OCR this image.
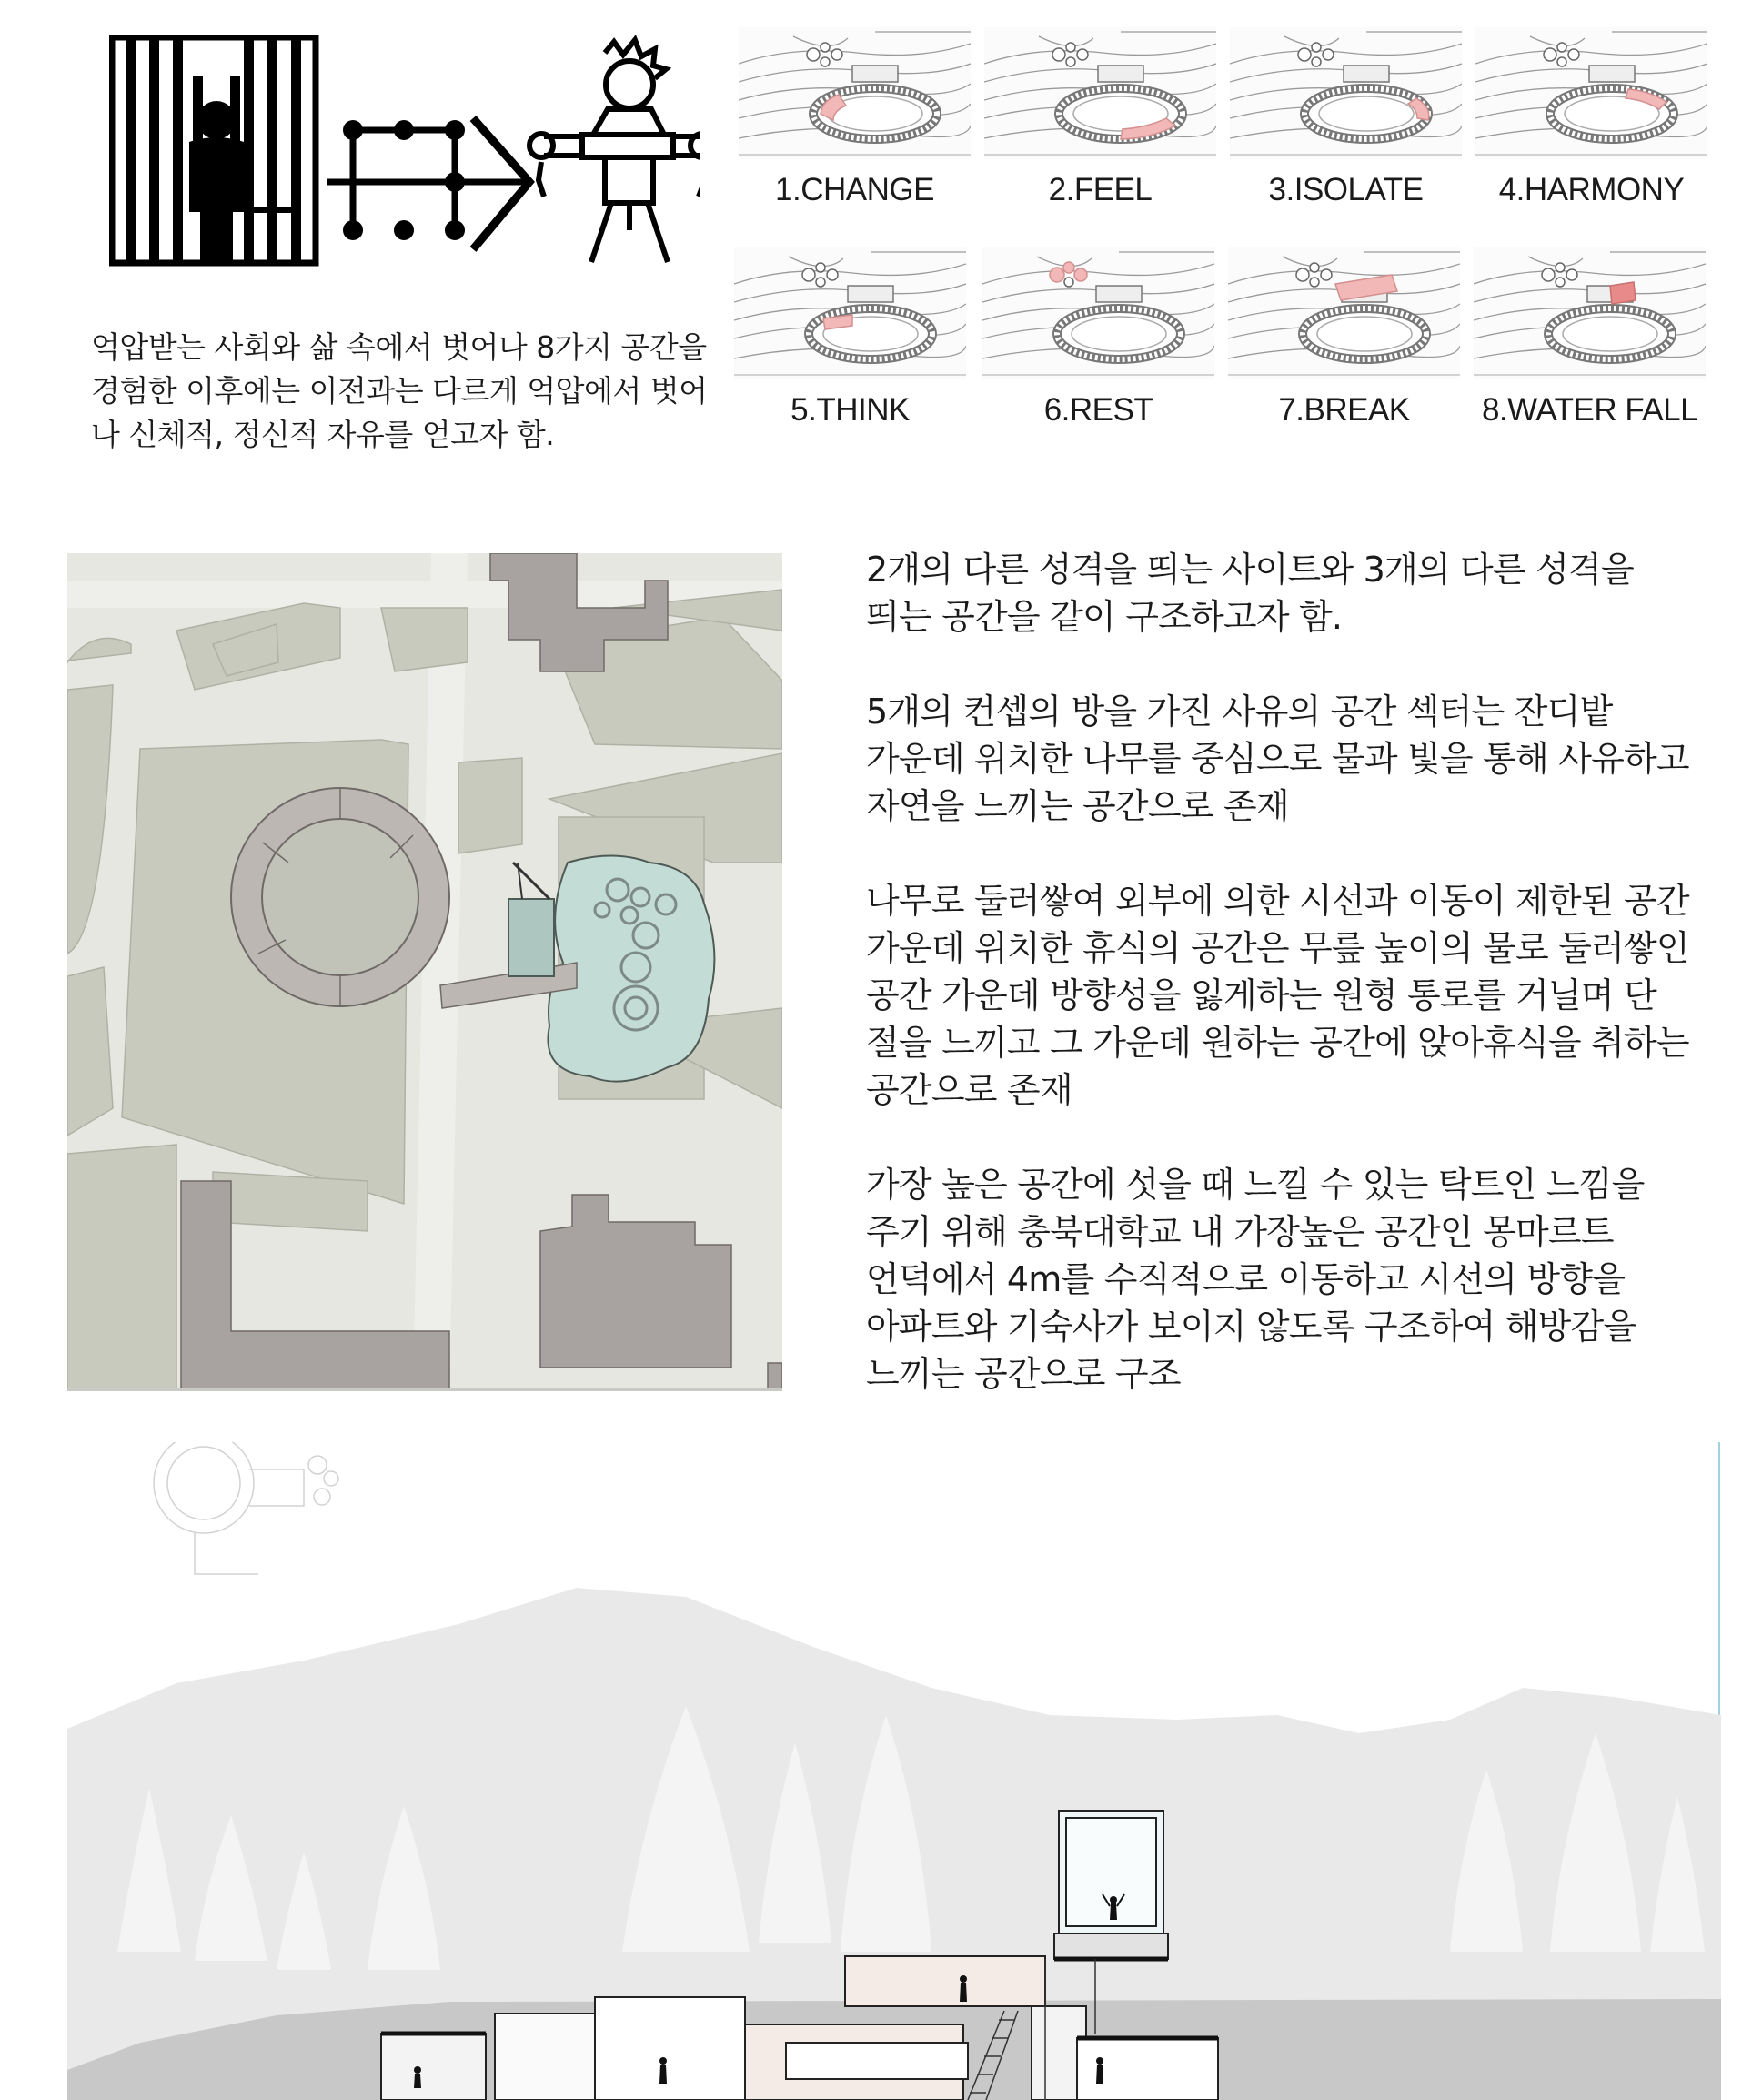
억압받는 사회와 삶 속에서 벗어나 8가지 공간을
경험한 이후에는 이전과는 다르게 억압에서 벗어
나 신체적, 정신적 자유를 얻고자 함.
1.CHANGE	2.FEEL	3.ISOLATE	4.HARMONY
5.THINK	6.REST	7.BREAK	8.WATER FALL

2개의 다른 성격을 띄는 사이트와 3개의 다른 성격을
띄는 공간을 같이 구조하고자 함.

5개의 컨셉의 방을 가진 사유의 공간 섹터는 잔디밭
가운데 위치한 나무를 중심으로 물과 빛을 통해 사유하고
자연을 느끼는 공간으로 존재

나무로 둘러쌓여 외부에 의한 시선과 이동이 제한된 공간
가운데 위치한 휴식의 공간은 무릎 높이의 물로 둘러쌓인
공간 가운데 방향성을 잃게하는 원형 통로를 거닐며 단
절을 느끼고 그 가운데 원하는 공간에 앉아휴식을 취하는
공간으로 존재

가장 높은 공간에 섯을 때 느낄 수 있는 탁트인 느낌을
주기 위해 충북대학교 내 가장높은 공간인 몽마르트
언덕에서 4m를 수직적으로 이동하고 시선의 방향을
아파트와 기숙사가 보이지 않도록 구조하여 해방감을
느끼는 공간으로 구조
